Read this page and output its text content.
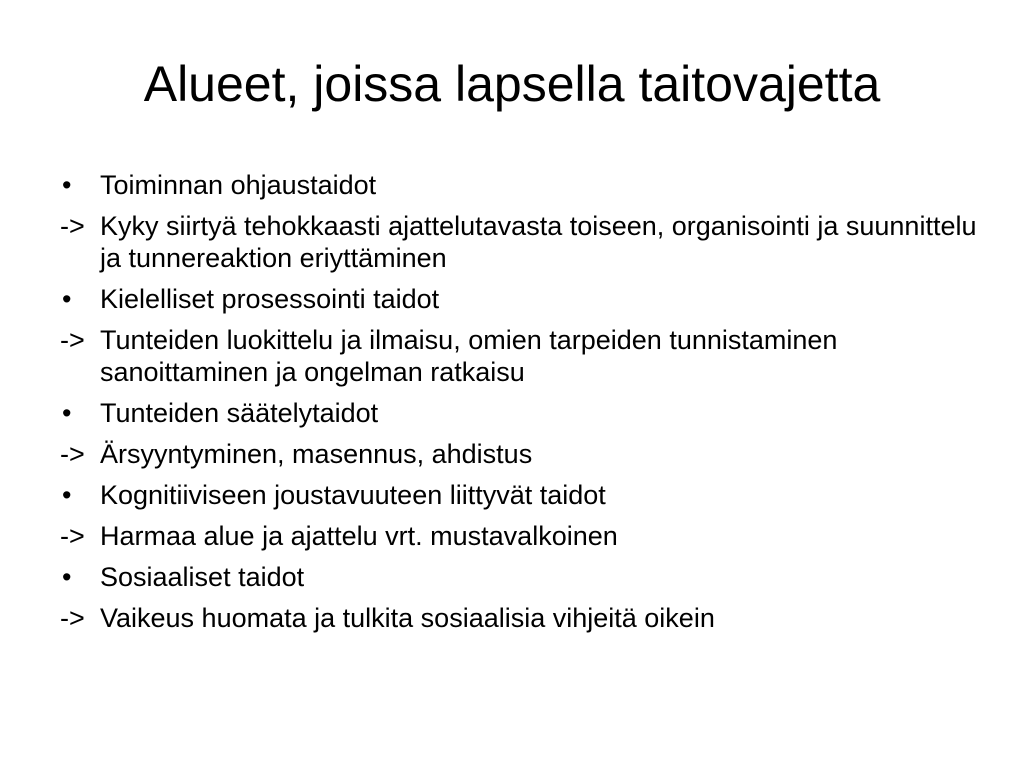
Alueet, joissa lapsella taitovajetta
•	Toiminnan ohjaustaidot
-> Kyky siirtyä tehokkaasti ajattelutavasta toiseen, organisointi ja suunnittelu ja tunnereaktion eriyttäminen
•	Kielelliset prosessointi taidot
-> Tunteiden luokittelu ja ilmaisu, omien tarpeiden tunnistaminen sanoittaminen ja ongelman ratkaisu
•	Tunteiden säätelytaidot
-> Ärsyyntyminen, masennus, ahdistus
•	Kognitiiviseen joustavuuteen liittyvät taidot
-> Harmaa alue ja ajattelu vrt. mustavalkoinen
•	Sosiaaliset taidot
-> Vaikeus huomata ja tulkita sosiaalisia vihjeitä oikein
